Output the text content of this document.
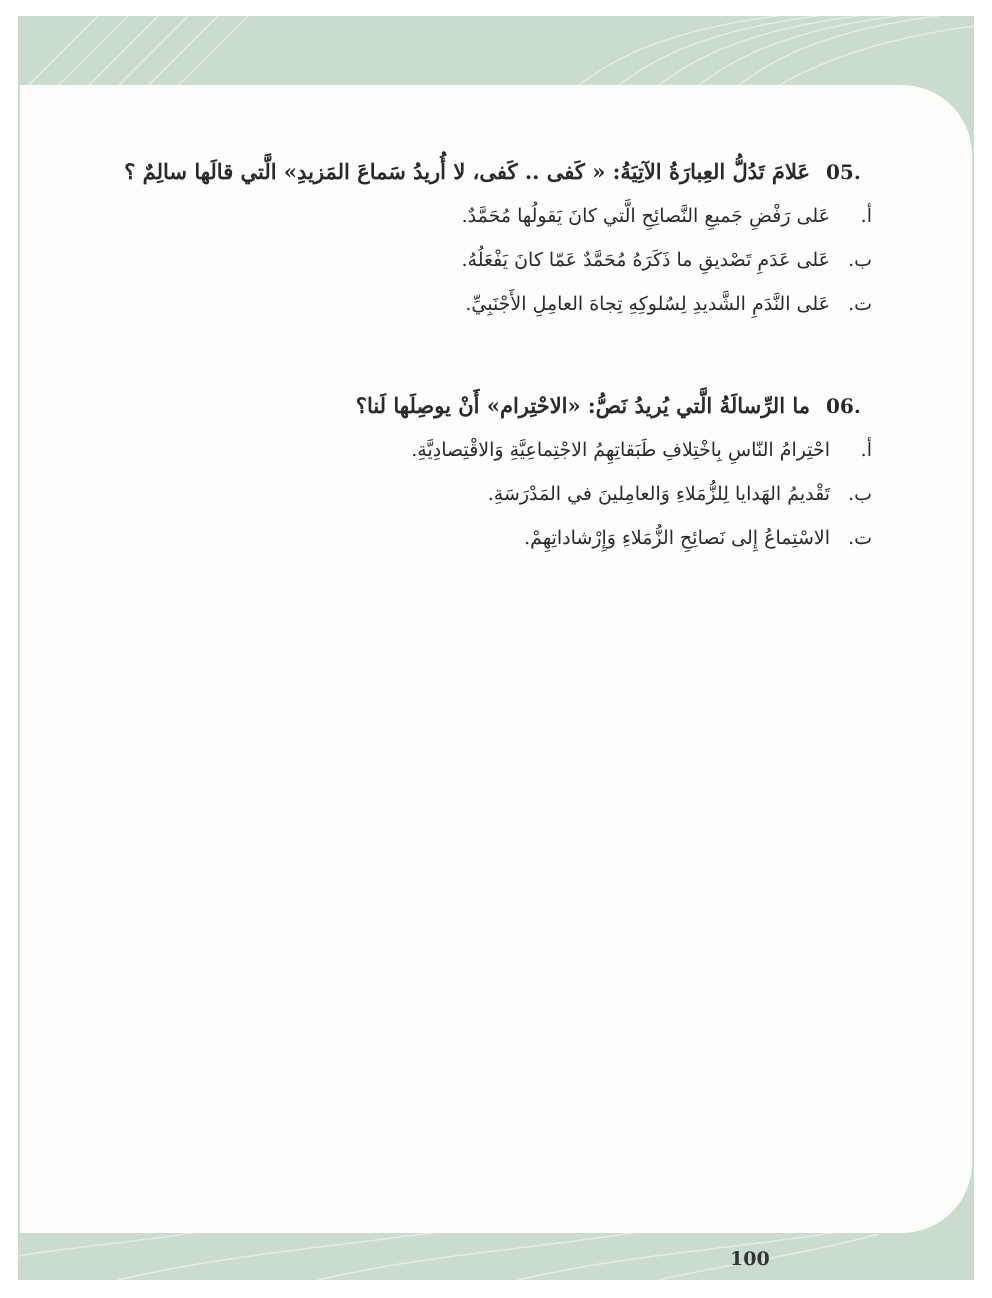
05.
عَلامَ تَدُلُّ العِبارَةُ الآتِيَةُ: « كَفى .. كَفى، لا أُريدُ سَماعَ المَزيدِ» الَّتي قالَها سالِمٌ ؟
أ.
عَلى رَفْضِ جَميعِ النَّصائِحِ الَّتي كانَ يَقولُها مُحَمَّدٌ.
ب.
عَلى عَدَمِ تَصْديقِ ما ذَكَرَهُ مُحَمَّدٌ عَمّا كانَ يَفْعَلُهُ.
ت.
عَلى النَّدَمِ الشَّديدِ لِسُلوكِهِ تِجاهَ العامِلِ الأَجْنَبِيِّ.
06.
ما الرِّسالَةُ الَّتي يُريدُ نَصُّ: «الاحْتِرام» أَنْ يوصِلَها لَنا؟
أ.
احْتِرامُ النّاسِ بِاخْتِلافِ طَبَقاتِهِمُ الاجْتِماعِيَّةِ وَالاقْتِصادِيَّةِ.
ب.
تَقْديمُ الهَدايا لِلزُّمَلاءِ وَالعامِلينَ في المَدْرَسَةِ.
ت.
الاسْتِماعُ إِلى نَصائِحِ الزُّمَلاءِ وَإِرْشاداتِهِمْ.
100
